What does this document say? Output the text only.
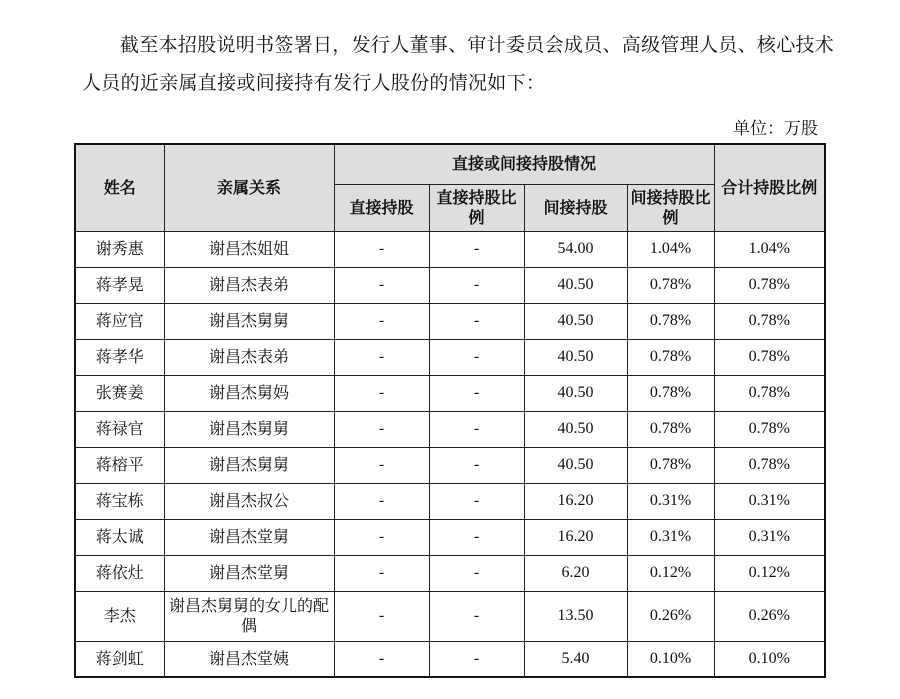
截至本招股说明书签署日，发行人董事、审计委员会成员、高级管理人员、核心技术人员的近亲属直接或间接持有发行人股份的情况如下：

单位：万股
姓名	亲属关系	直接或间接持股情况				合计持股比例
		直接持股	直接持股比例	间接持股	间接持股比例	
谢秀惠	谢昌杰姐姐	-	-	54.00	1.04%	1.04%
蒋孝晃	谢昌杰表弟	-	-	40.50	0.78%	0.78%
蒋应官	谢昌杰舅舅	-	-	40.50	0.78%	0.78%
蒋孝华	谢昌杰表弟	-	-	40.50	0.78%	0.78%
张赛姜	谢昌杰舅妈	-	-	40.50	0.78%	0.78%
蒋禄官	谢昌杰舅舅	-	-	40.50	0.78%	0.78%
蒋榕平	谢昌杰舅舅	-	-	40.50	0.78%	0.78%
蒋宝栋	谢昌杰叔公	-	-	16.20	0.31%	0.31%
蒋太诚	谢昌杰堂舅	-	-	16.20	0.31%	0.31%
蒋依灶	谢昌杰堂舅	-	-	6.20	0.12%	0.12%
李杰	谢昌杰舅舅的女儿的配偶	-	-	13.50	0.26%	0.26%
蒋剑虹	谢昌杰堂姨	-	-	5.40	0.10%	0.10%
